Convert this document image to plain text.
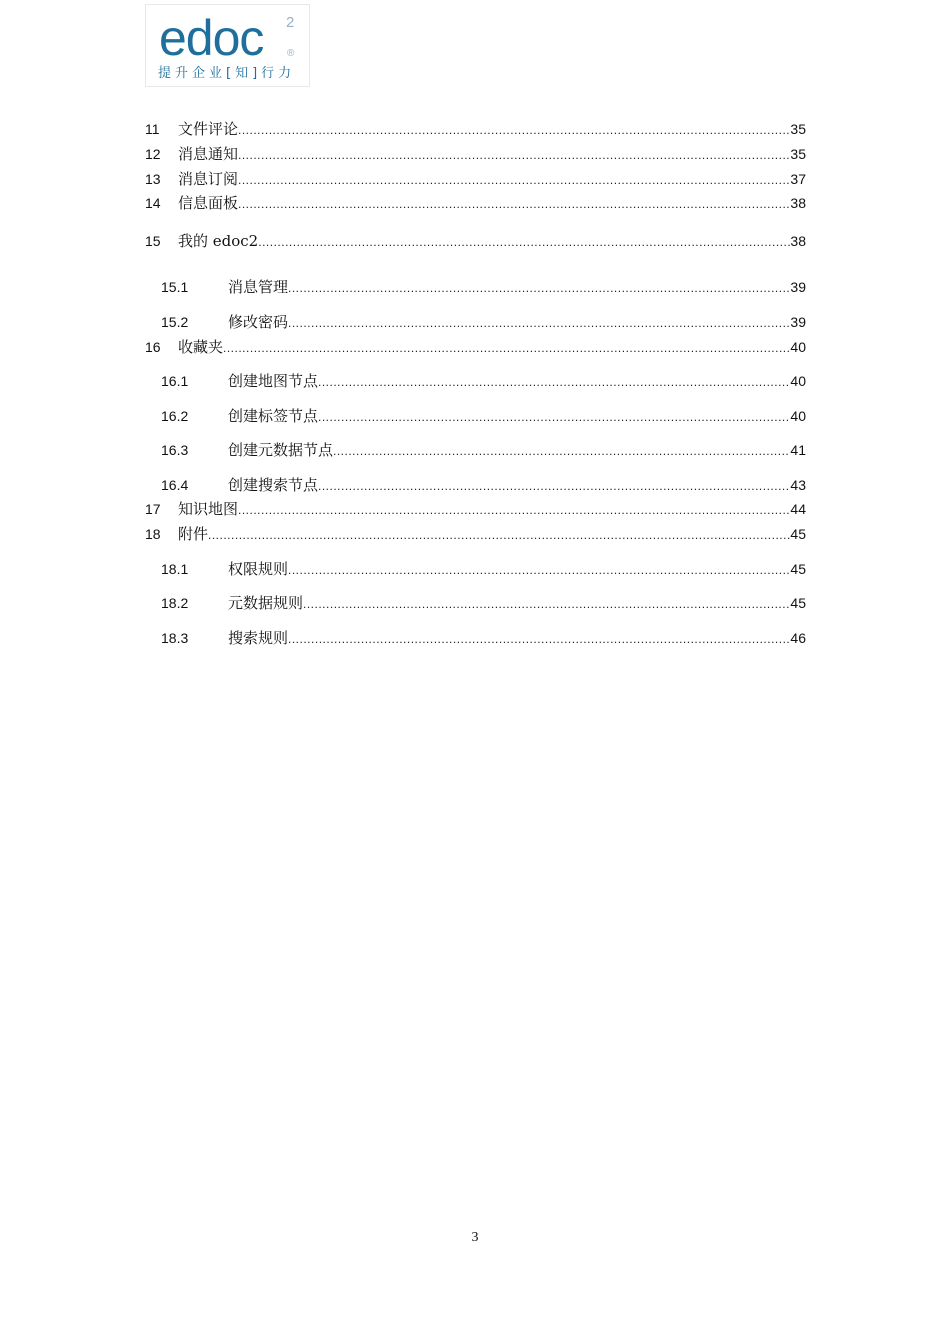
edoc 2
®
提升企业[知]行力
11	文件评论 .....	35
12	消息通知 .....	35
13	消息订阅 .....	37
14	信息面板 .....	38
15	我的 edoc2 .....	38
15.1	消息管理 .....	39
15.2	修改密码 .....	39
16	收藏夹 .....	40
16.1	创建地图节点 .....	40
16.2	创建标签节点 .....	40
16.3	创建元数据节点 .....	41
16.4	创建搜索节点 .....	43
17	知识地图 .....	44
18	附件 .....	45
18.1	权限规则 .....	45
18.2	元数据规则 .....	45
18.3	搜索规则 .....	46
3
